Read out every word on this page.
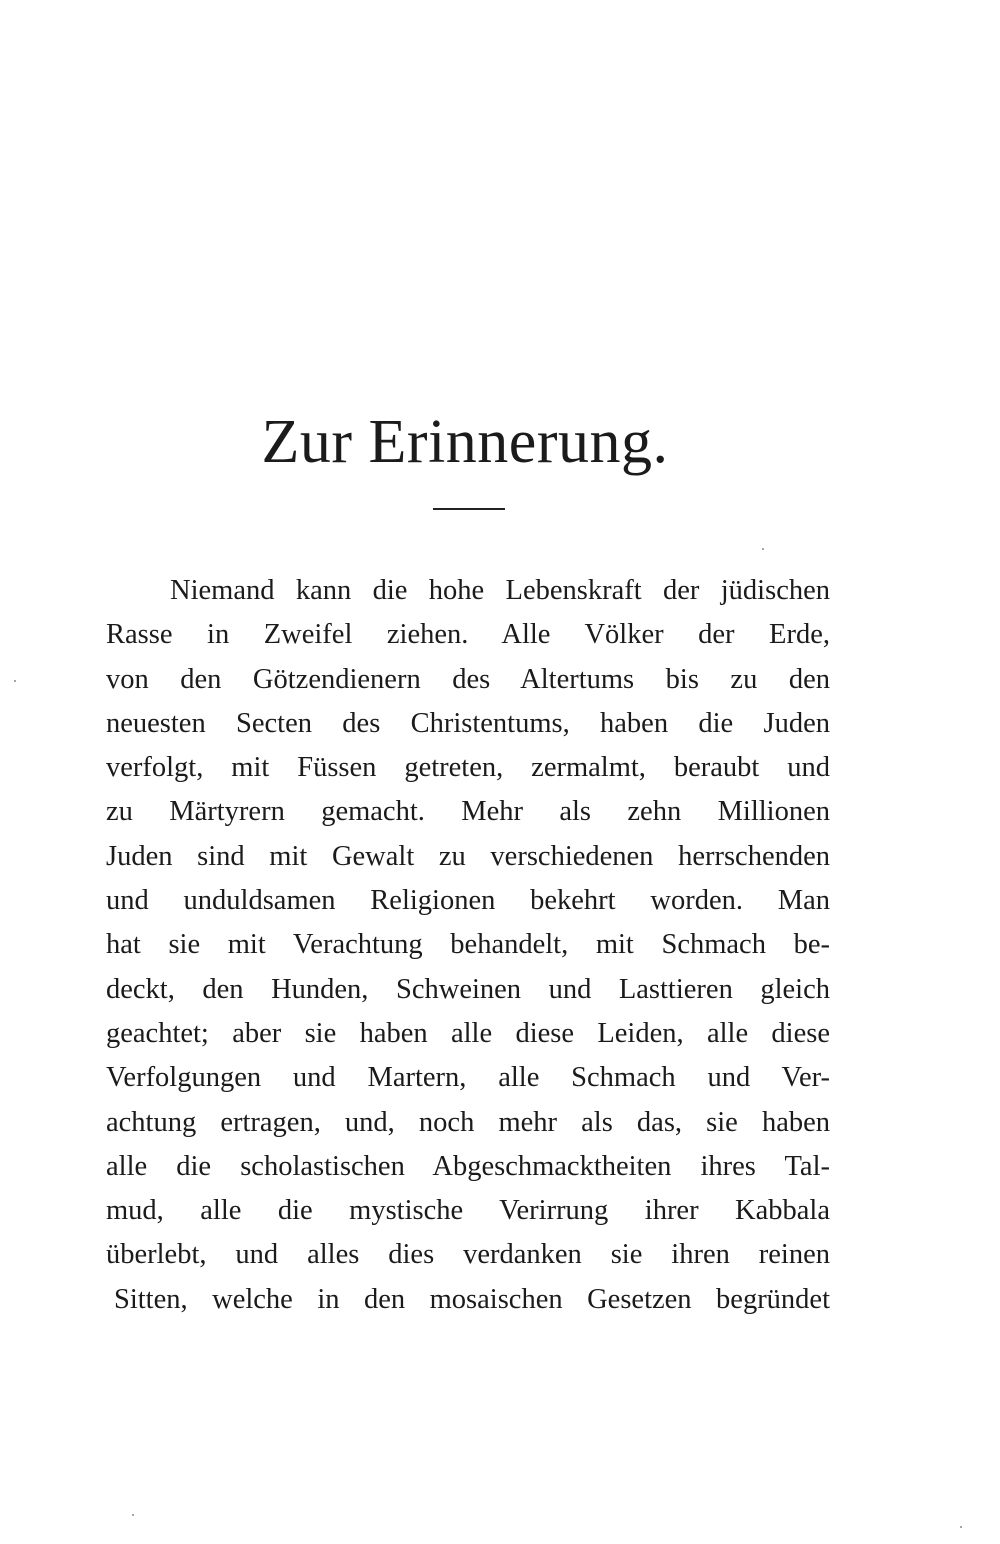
Zur Erinnerung.
Niemand kann die hohe Lebenskraft der jüdischen
Rasse in Zweifel ziehen. Alle Völker der Erde,
von den Götzendienern des Altertums bis zu den
neuesten Secten des Christentums, haben die Juden
verfolgt, mit Füssen getreten, zermalmt, beraubt und
zu Märtyrern gemacht. Mehr als zehn Millionen
Juden sind mit Gewalt zu verschiedenen herrschenden
und unduldsamen Religionen bekehrt worden. Man
hat sie mit Verachtung behandelt, mit Schmach be-
deckt, den Hunden, Schweinen und Lasttieren gleich
geachtet; aber sie haben alle diese Leiden, alle diese
Verfolgungen und Martern, alle Schmach und Ver-
achtung ertragen, und, noch mehr als das, sie haben
alle die scholastischen Abgeschmacktheiten ihres Tal-
mud, alle die mystische Verirrung ihrer Kabbala
überlebt, und alles dies verdanken sie ihren reinen
Sitten, welche in den mosaischen Gesetzen begründet
